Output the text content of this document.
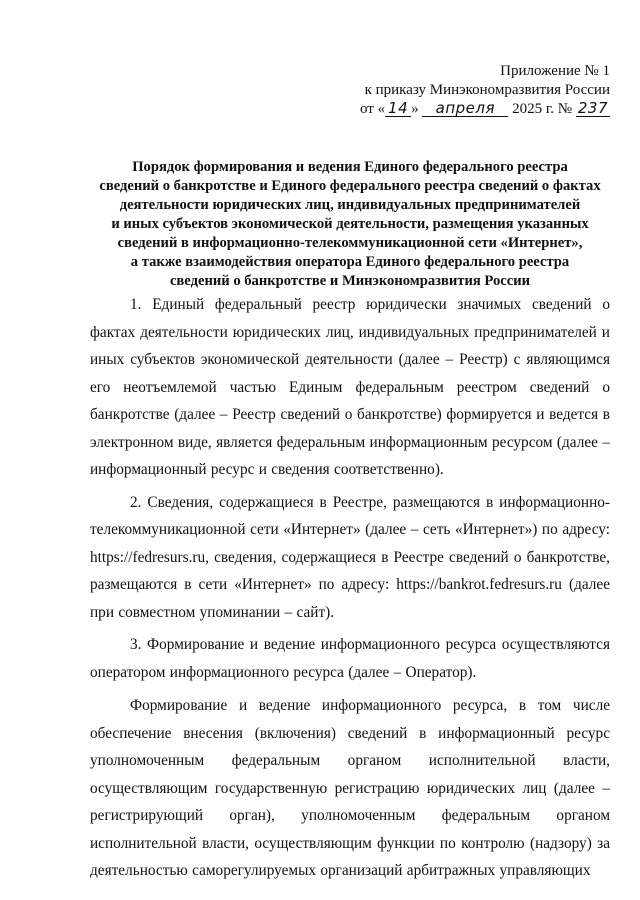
Приложение № 1
к приказу Минэкономразвития России
от « 14 » апреля 2025 г. № 237
Порядок формирования и ведения Единого федерального реестра
сведений о банкротстве и Единого федерального реестра сведений о фактах
деятельности юридических лиц, индивидуальных предпринимателей
и иных субъектов экономической деятельности, размещения указанных
сведений в информационно-телекоммуникационной сети «Интернет»,
а также взаимодействия оператора Единого федерального реестра
сведений о банкротстве и Минэкономразвития России

1. Единый федеральный реестр юридически значимых сведений о фактах деятельности юридических лиц, индивидуальных предпринимателей и иных субъектов экономической деятельности (далее – Реестр) с являющимся его неотъемлемой частью Единым федеральным реестром сведений о банкротстве (далее – Реестр сведений о банкротстве) формируется и ведется в электронном виде, является федеральным информационным ресурсом (далее – информационный ресурс и сведения соответственно).

2. Сведения, содержащиеся в Реестре, размещаются в информационно-телекоммуникационной сети «Интернет» (далее – сеть «Интернет») по адресу: https://fedresurs.ru, сведения, содержащиеся в Реестре сведений о банкротстве, размещаются в сети «Интернет» по адресу: https://bankrot.fedresurs.ru (далее при совместном упоминании – сайт).

3. Формирование и ведение информационного ресурса осуществляются оператором информационного ресурса (далее – Оператор).

Формирование и ведение информационного ресурса, в том числе обеспечение внесения (включения) сведений в информационный ресурс уполномоченным федеральным органом исполнительной власти, осуществляющим государственную регистрацию юридических лиц (далее – регистрирующий орган), уполномоченным федеральным органом исполнительной власти, осуществляющим функции по контролю (надзору) за деятельностью саморегулируемых организаций арбитражных управляющих
